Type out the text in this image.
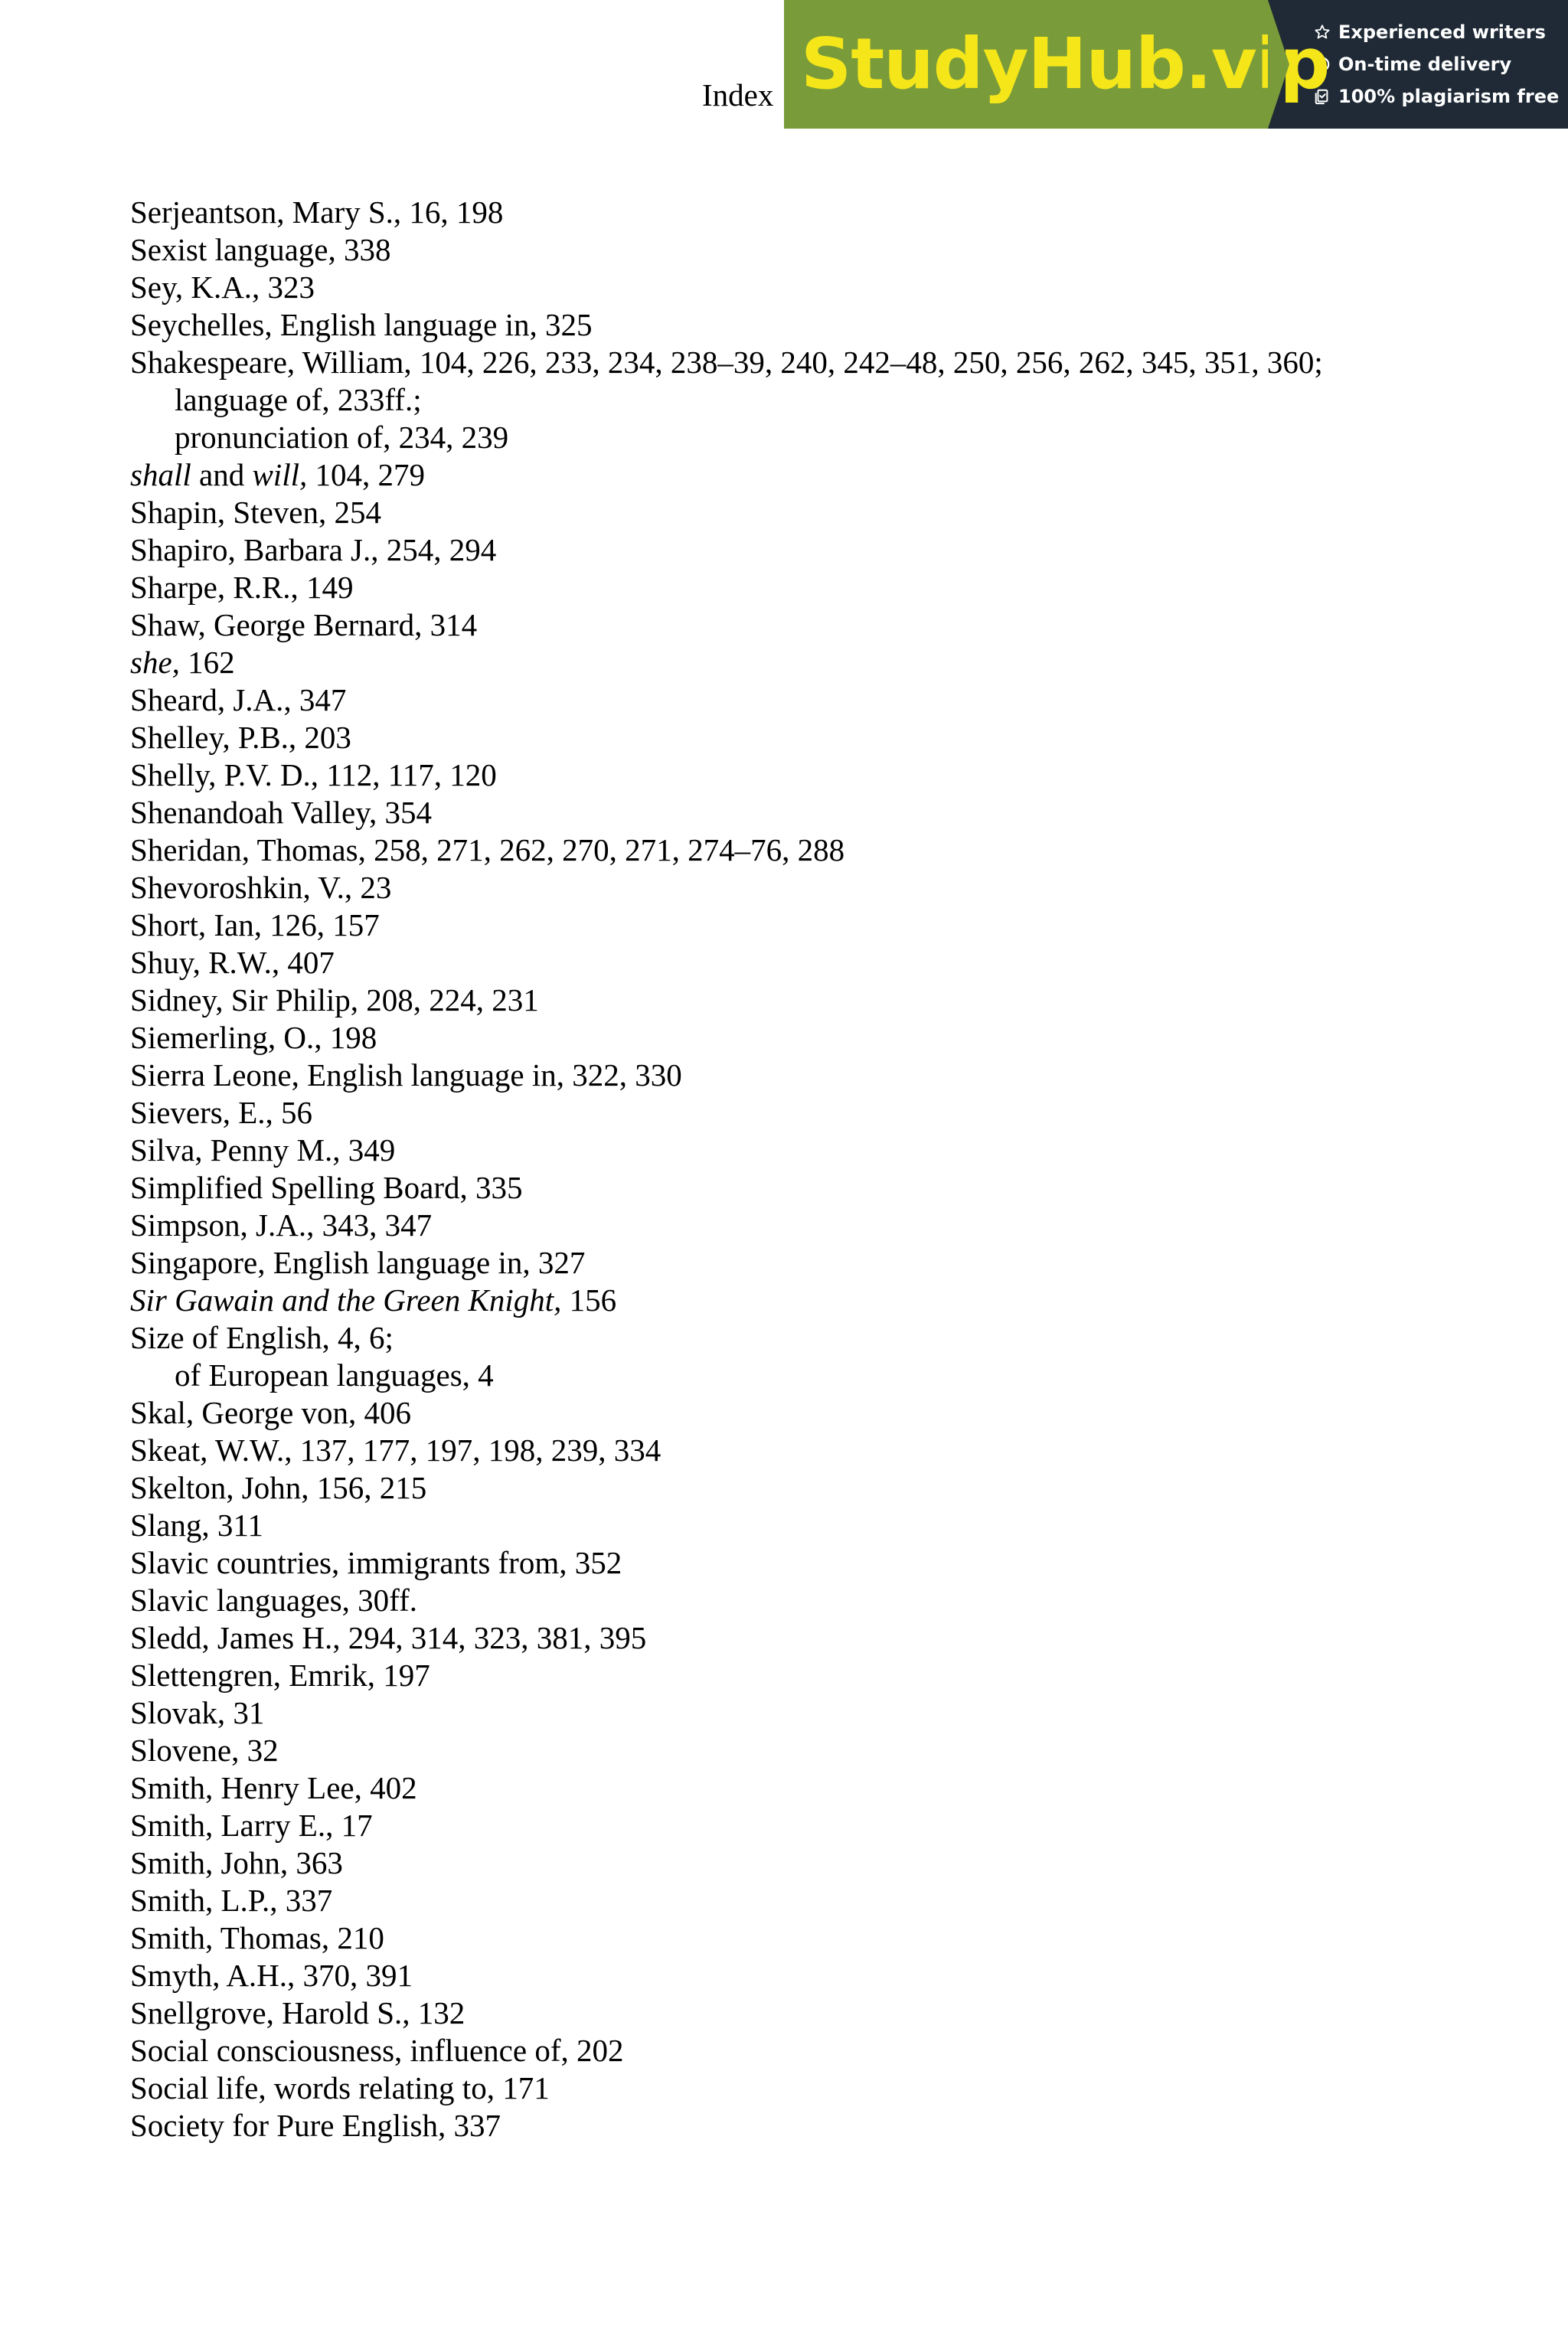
Index StudyHub.vip Experienced writers
On-time delivery
100% plagiarism free
Serjeantson, Mary S., 16, 198
Sexist language, 338
Sey, K.A., 323
Seychelles, English language in, 325
Shakespeare, William, 104, 226, 233, 234, 238–39, 240, 242–48, 250, 256, 262, 345, 351, 360;
language of, 233ff.;
pronunciation of, 234, 239
shall and will, 104, 279
Shapin, Steven, 254
Shapiro, Barbara J., 254, 294
Sharpe, R.R., 149
Shaw, George Bernard, 314
she, 162
Sheard, J.A., 347
Shelley, P.B., 203
Shelly, P.V. D., 112, 117, 120
Shenandoah Valley, 354
Sheridan, Thomas, 258, 271, 262, 270, 271, 274–76, 288
Shevoroshkin, V., 23
Short, Ian, 126, 157
Shuy, R.W., 407
Sidney, Sir Philip, 208, 224, 231
Siemerling, O., 198
Sierra Leone, English language in, 322, 330
Sievers, E., 56
Silva, Penny M., 349
Simplified Spelling Board, 335
Simpson, J.A., 343, 347
Singapore, English language in, 327
Sir Gawain and the Green Knight, 156
Size of English, 4, 6;
of European languages, 4
Skal, George von, 406
Skeat, W.W., 137, 177, 197, 198, 239, 334
Skelton, John, 156, 215
Slang, 311
Slavic countries, immigrants from, 352
Slavic languages, 30ff.
Sledd, James H., 294, 314, 323, 381, 395
Slettengren, Emrik, 197
Slovak, 31
Slovene, 32
Smith, Henry Lee, 402
Smith, Larry E., 17
Smith, John, 363
Smith, L.P., 337
Smith, Thomas, 210
Smyth, A.H., 370, 391
Snellgrove, Harold S., 132
Social consciousness, influence of, 202
Social life, words relating to, 171
Society for Pure English, 337
